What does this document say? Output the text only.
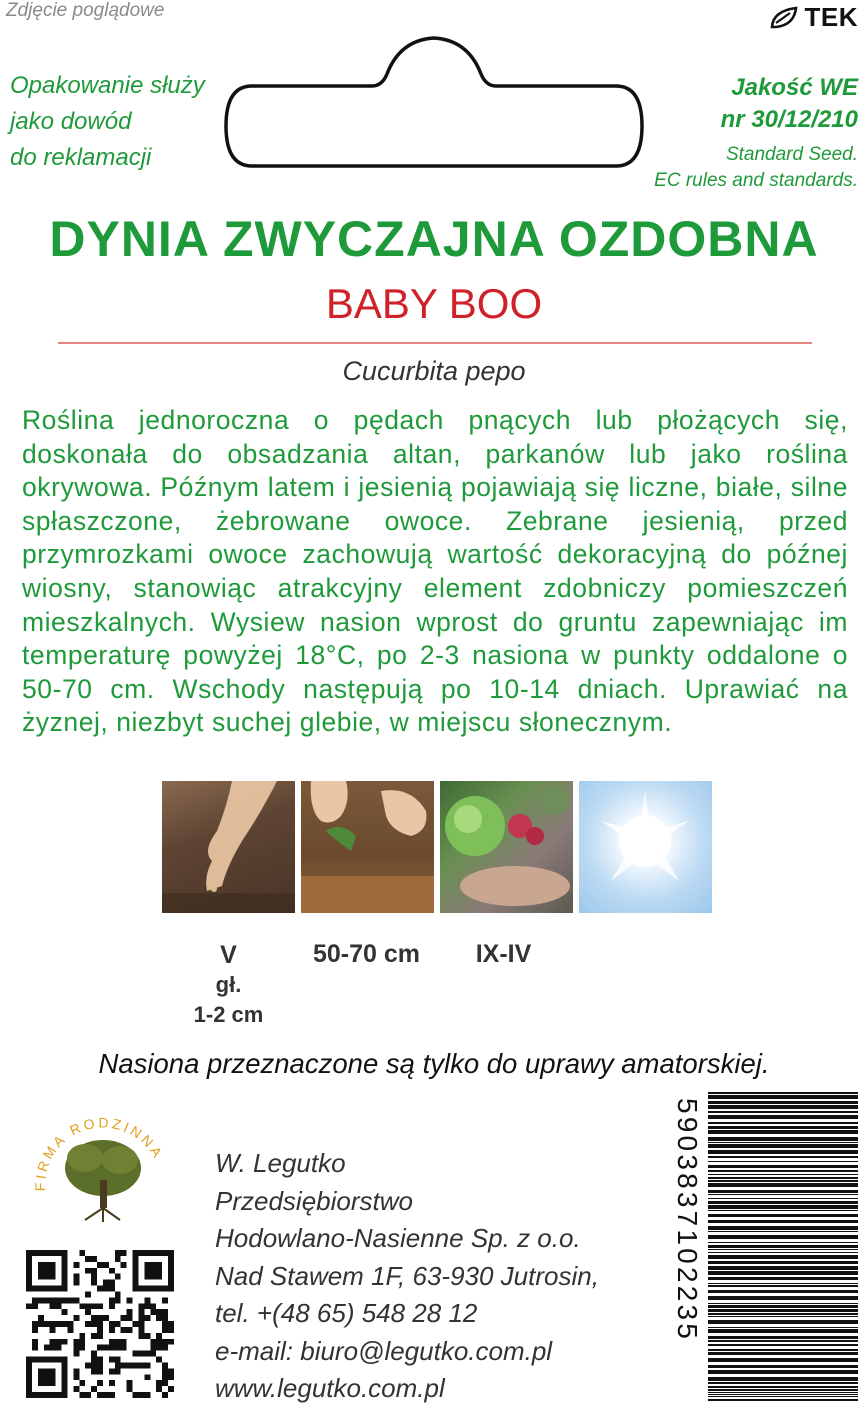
Zdjęcie poglądowe
Opakowanie służy
jako dowód
do reklamacji
TEK
Jakość WE
nr 30/12/210
Standard Seed.
EC rules and standards.
DYNIA ZWYCZAJNA OZDOBNA
BABY BOO
Cucurbita pepo
Roślina jednoroczna o pędach pnących lub płożących się, doskonała do obsadzania altan, parkanów lub jako roślina okrywowa. Późnym latem i jesienią pojawiają się liczne, białe, silne spłaszczone, żebrowane owoce. Zebrane jesienią, przed przymrozkami owoce zachowują wartość dekoracyjną do późnej wiosny, stanowiąc atrakcyjny element zdobniczy pomieszczeń mieszkalnych. Wysiew nasion wprost do gruntu zapewniając im temperaturę powyżej 18°C, po 2-3 nasiona w punkty oddalone o 50-70 cm. Wschody następują po 10-14 dniach. Uprawiać na żyznej, niezbyt suchej glebie, w miejscu słonecznym.
V
gł.
1-2 cm
50-70 cm	IX-IV
Nasiona przeznaczone są tylko do uprawy amatorskiej.
FIRMA RODZINNA W. Legutko
Przedsiębiorstwo
Hodowlano-Nasienne Sp. z o.o.
Nad Stawem 1F, 63-930 Jutrosin,
tel. +(48 65) 548 28 12
e-mail: biuro@legutko.com.pl
www.legutko.com.pl
5903837102235
